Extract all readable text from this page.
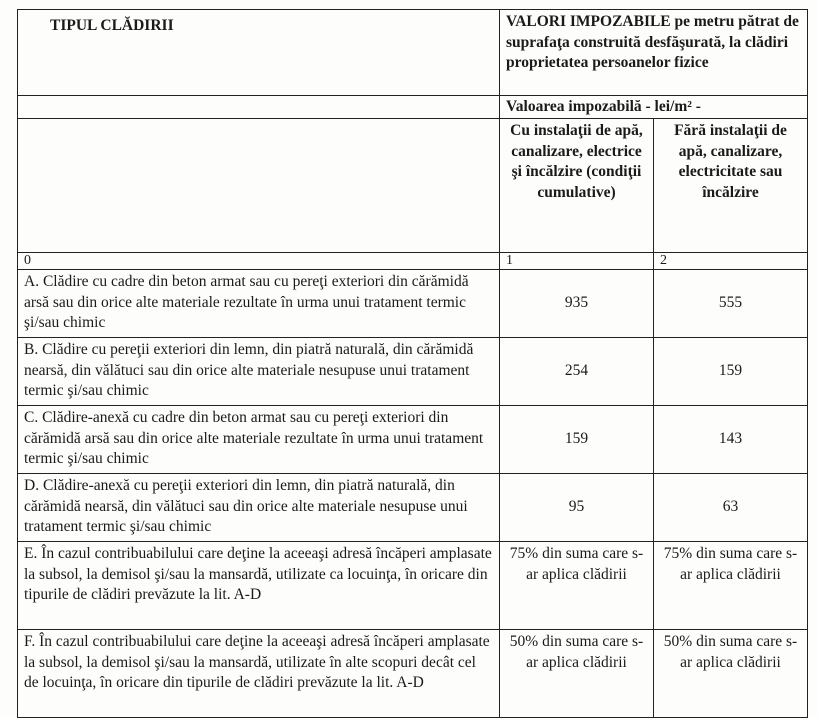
TIPUL CLĂDIRII	VALORI IMPOZABILE pe metru pătrat de suprafaţa construită desfăşurată, la clădiri proprietatea persoanelor fizice	
	Valoarea impozabilă - lei/m² -	
	Cu instalaţii de apă, canalizare, electrice şi încălzire (condiţii cumulative)	Fără instalaţii de apă, canalizare, electricitate sau încălzire
0	1	2
A. Clădire cu cadre din beton armat sau cu pereţi exteriori din cărămidă arsă sau din orice alte materiale rezultate în urma unui tratament termic şi/sau chimic	935	555
B. Clădire cu pereţii exteriori din lemn, din piatră naturală, din cărămidă nearsă, din vălătuci sau din orice alte materiale nesupuse unui tratament termic şi/sau chimic	254	159
C. Clădire-anexă cu cadre din beton armat sau cu pereţi exteriori din cărămidă arsă sau din orice alte materiale rezultate în urma unui tratament termic şi/sau chimic	159	143
D. Clădire-anexă cu pereţii exteriori din lemn, din piatră naturală, din cărămidă nearsă, din vălătuci sau din orice alte materiale nesupuse unui tratament termic şi/sau chimic	95	63
E. În cazul contribuabilului care deţine la aceeaşi adresă încăperi amplasate la subsol, la demisol şi/sau la mansardă, utilizate ca locuinţa, în oricare din tipurile de clădiri prevăzute la lit. A-D	75% din suma care s-ar aplica clădirii	75% din suma care s-ar aplica clădirii
F. În cazul contribuabilului care deţine la aceeaşi adresă încăperi amplasate la subsol, la demisol şi/sau la mansardă, utilizate în alte scopuri decât cel de locuinţa, în oricare din tipurile de clădiri prevăzute la lit. A-D	50% din suma care s-ar aplica clădirii	50% din suma care s-ar aplica clădirii
